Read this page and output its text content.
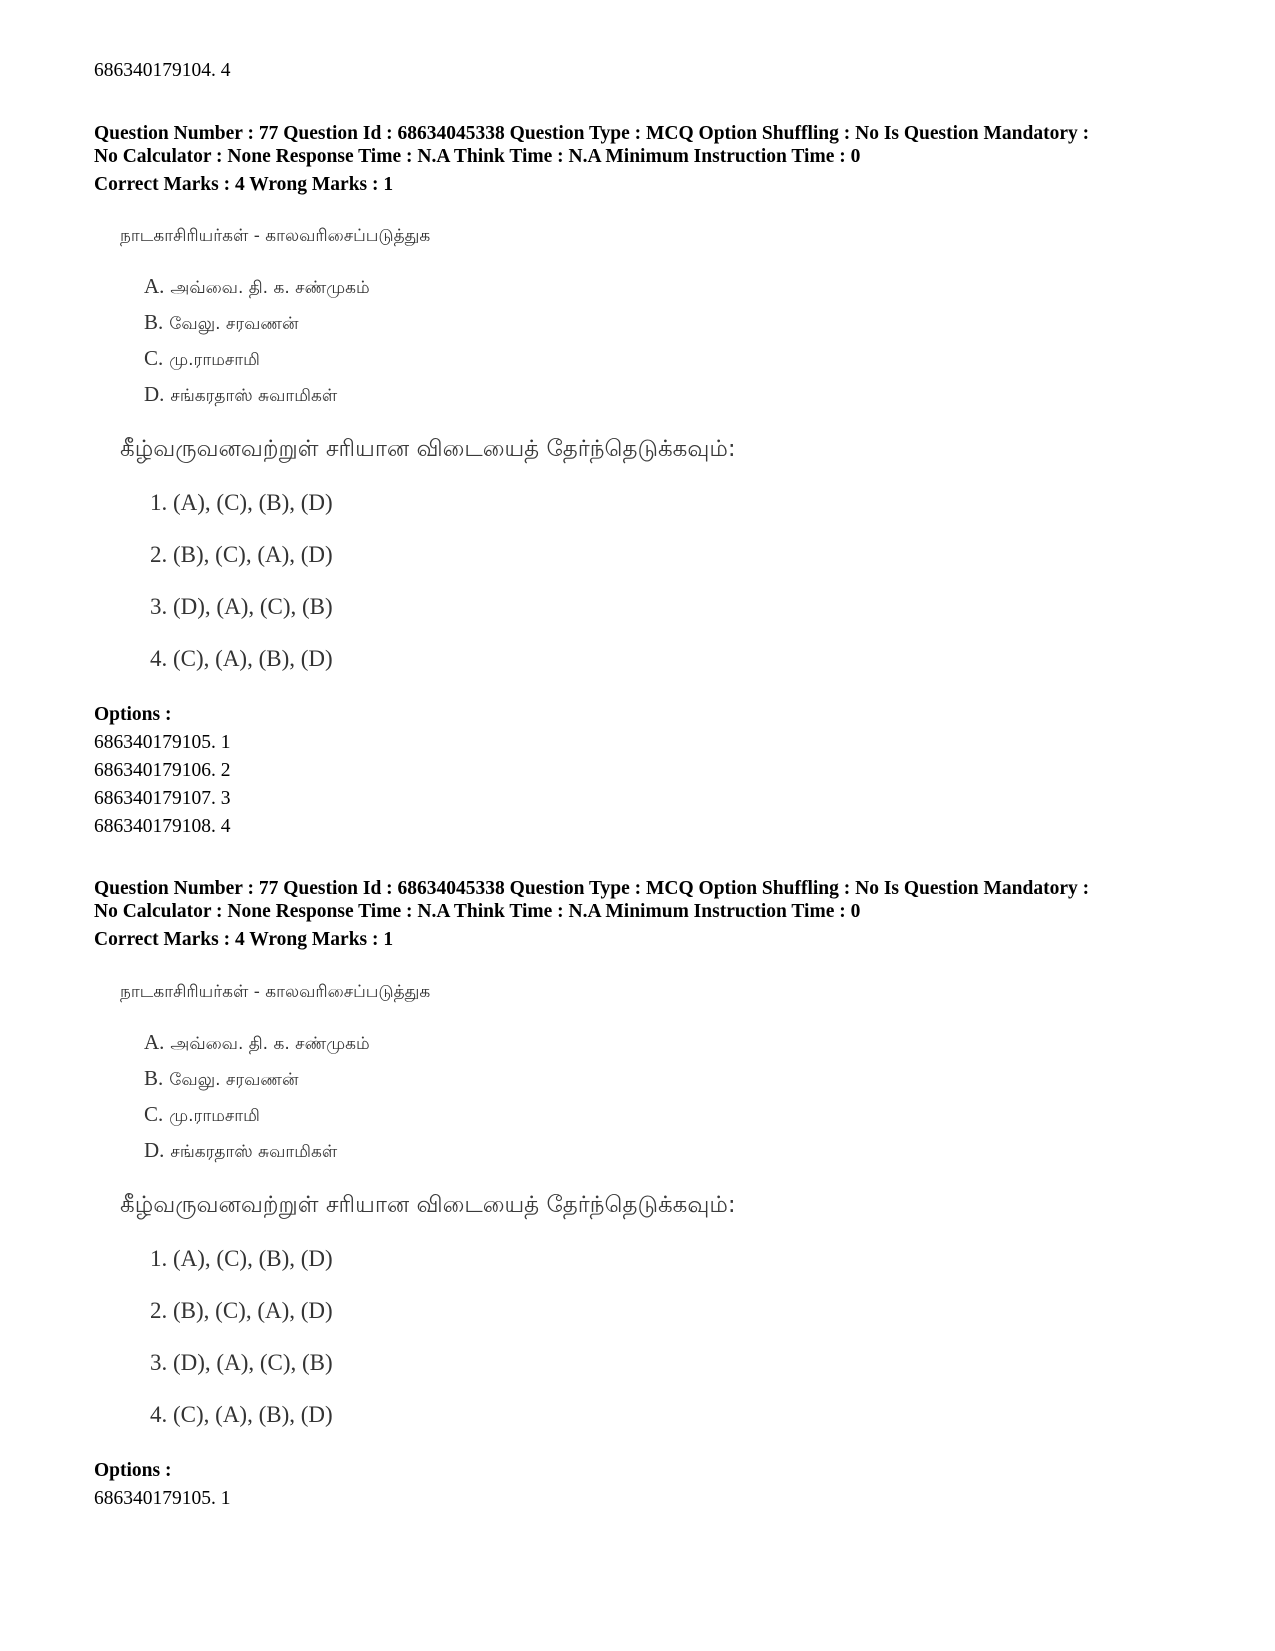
686340179104. 4
Question Number : 77 Question Id : 68634045338 Question Type : MCQ Option Shuffling : No Is Question Mandatory :
No Calculator : None Response Time : N.A Think Time : N.A Minimum Instruction Time : 0
Correct Marks : 4 Wrong Marks : 1
நாடகாசிரியர்கள் - காலவரிசைப்படுத்துக
A. அவ்வை. தி. க. சண்முகம்
B. வேலு. சரவணன்
C. மு.ராமசாமி
D. சங்கரதாஸ் சுவாமிகள்
கீழ்வருவனவற்றுள் சரியான விடையைத் தேர்ந்தெடுக்கவும்:
1. (A), (C), (B), (D)
2. (B), (C), (A), (D)
3. (D), (A), (C), (B)
4. (C), (A), (B), (D)
Options :
686340179105. 1
686340179106. 2
686340179107. 3
686340179108. 4
Question Number : 77 Question Id : 68634045338 Question Type : MCQ Option Shuffling : No Is Question Mandatory :
No Calculator : None Response Time : N.A Think Time : N.A Minimum Instruction Time : 0
Correct Marks : 4 Wrong Marks : 1
நாடகாசிரியர்கள் - காலவரிசைப்படுத்துக
A. அவ்வை. தி. க. சண்முகம்
B. வேலு. சரவணன்
C. மு.ராமசாமி
D. சங்கரதாஸ் சுவாமிகள்
கீழ்வருவனவற்றுள் சரியான விடையைத் தேர்ந்தெடுக்கவும்:
1. (A), (C), (B), (D)
2. (B), (C), (A), (D)
3. (D), (A), (C), (B)
4. (C), (A), (B), (D)
Options :
686340179105. 1
